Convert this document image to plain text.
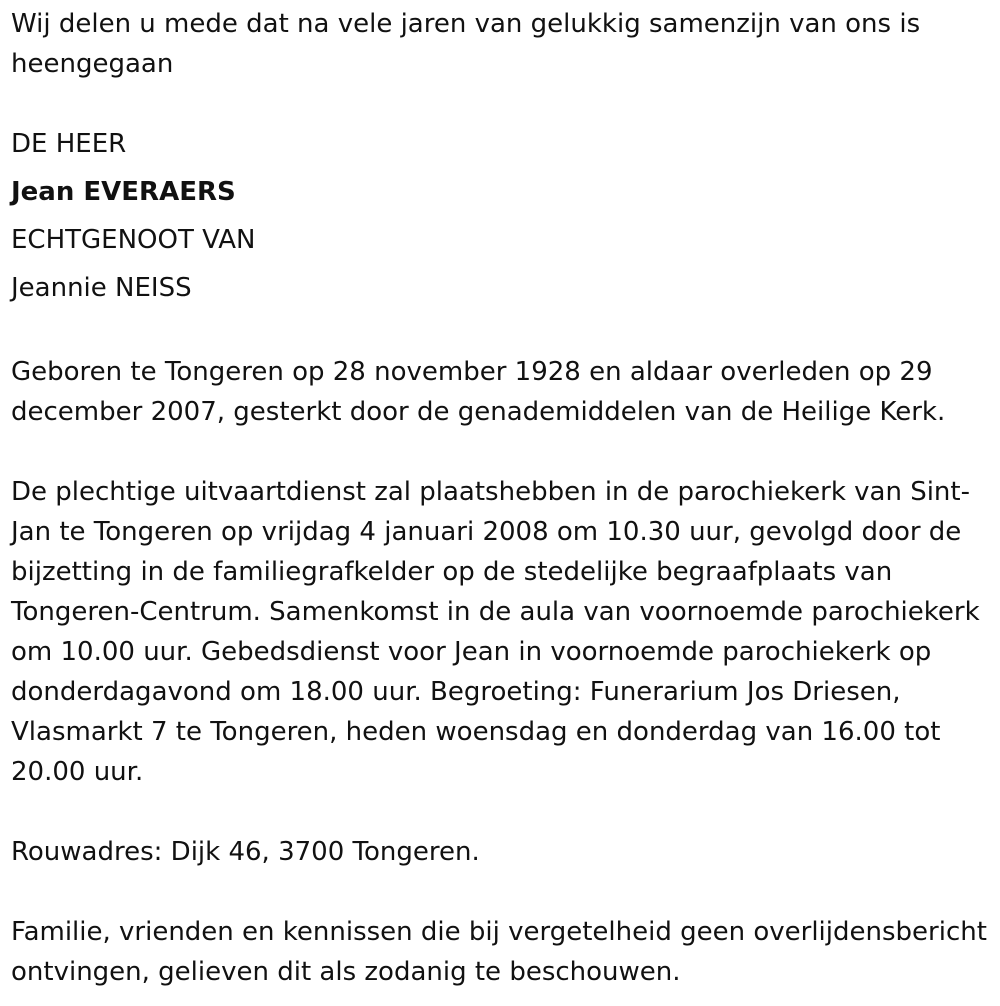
Wij delen u mede dat na vele jaren van gelukkig samenzijn van ons is heengegaan

DE HEER
Jean EVERAERS
ECHTGENOOT VAN
Jeannie NEISS

Geboren te Tongeren op 28 november 1928 en aldaar overleden op 29 december 2007, gesterkt door de genademiddelen van de Heilige Kerk.

De plechtige uitvaartdienst zal plaatshebben in de parochiekerk van Sint-Jan te Tongeren op vrijdag 4 januari 2008 om 10.30 uur, gevolgd door de bijzetting in de familiegrafkelder op de stedelijke begraafplaats van Tongeren-Centrum. Samenkomst in de aula van voornoemde parochiekerk om 10.00 uur. Gebedsdienst voor Jean in voornoemde parochiekerk op donderdagavond om 18.00 uur. Begroeting: Funerarium Jos Driesen, Vlasmarkt 7 te Tongeren, heden woensdag en donderdag van 16.00 tot 20.00 uur.

Rouwadres: Dijk 46, 3700 Tongeren.

Familie, vrienden en kennissen die bij vergetelheid geen overlijdensbericht ontvingen, gelieven dit als zodanig te beschouwen.
